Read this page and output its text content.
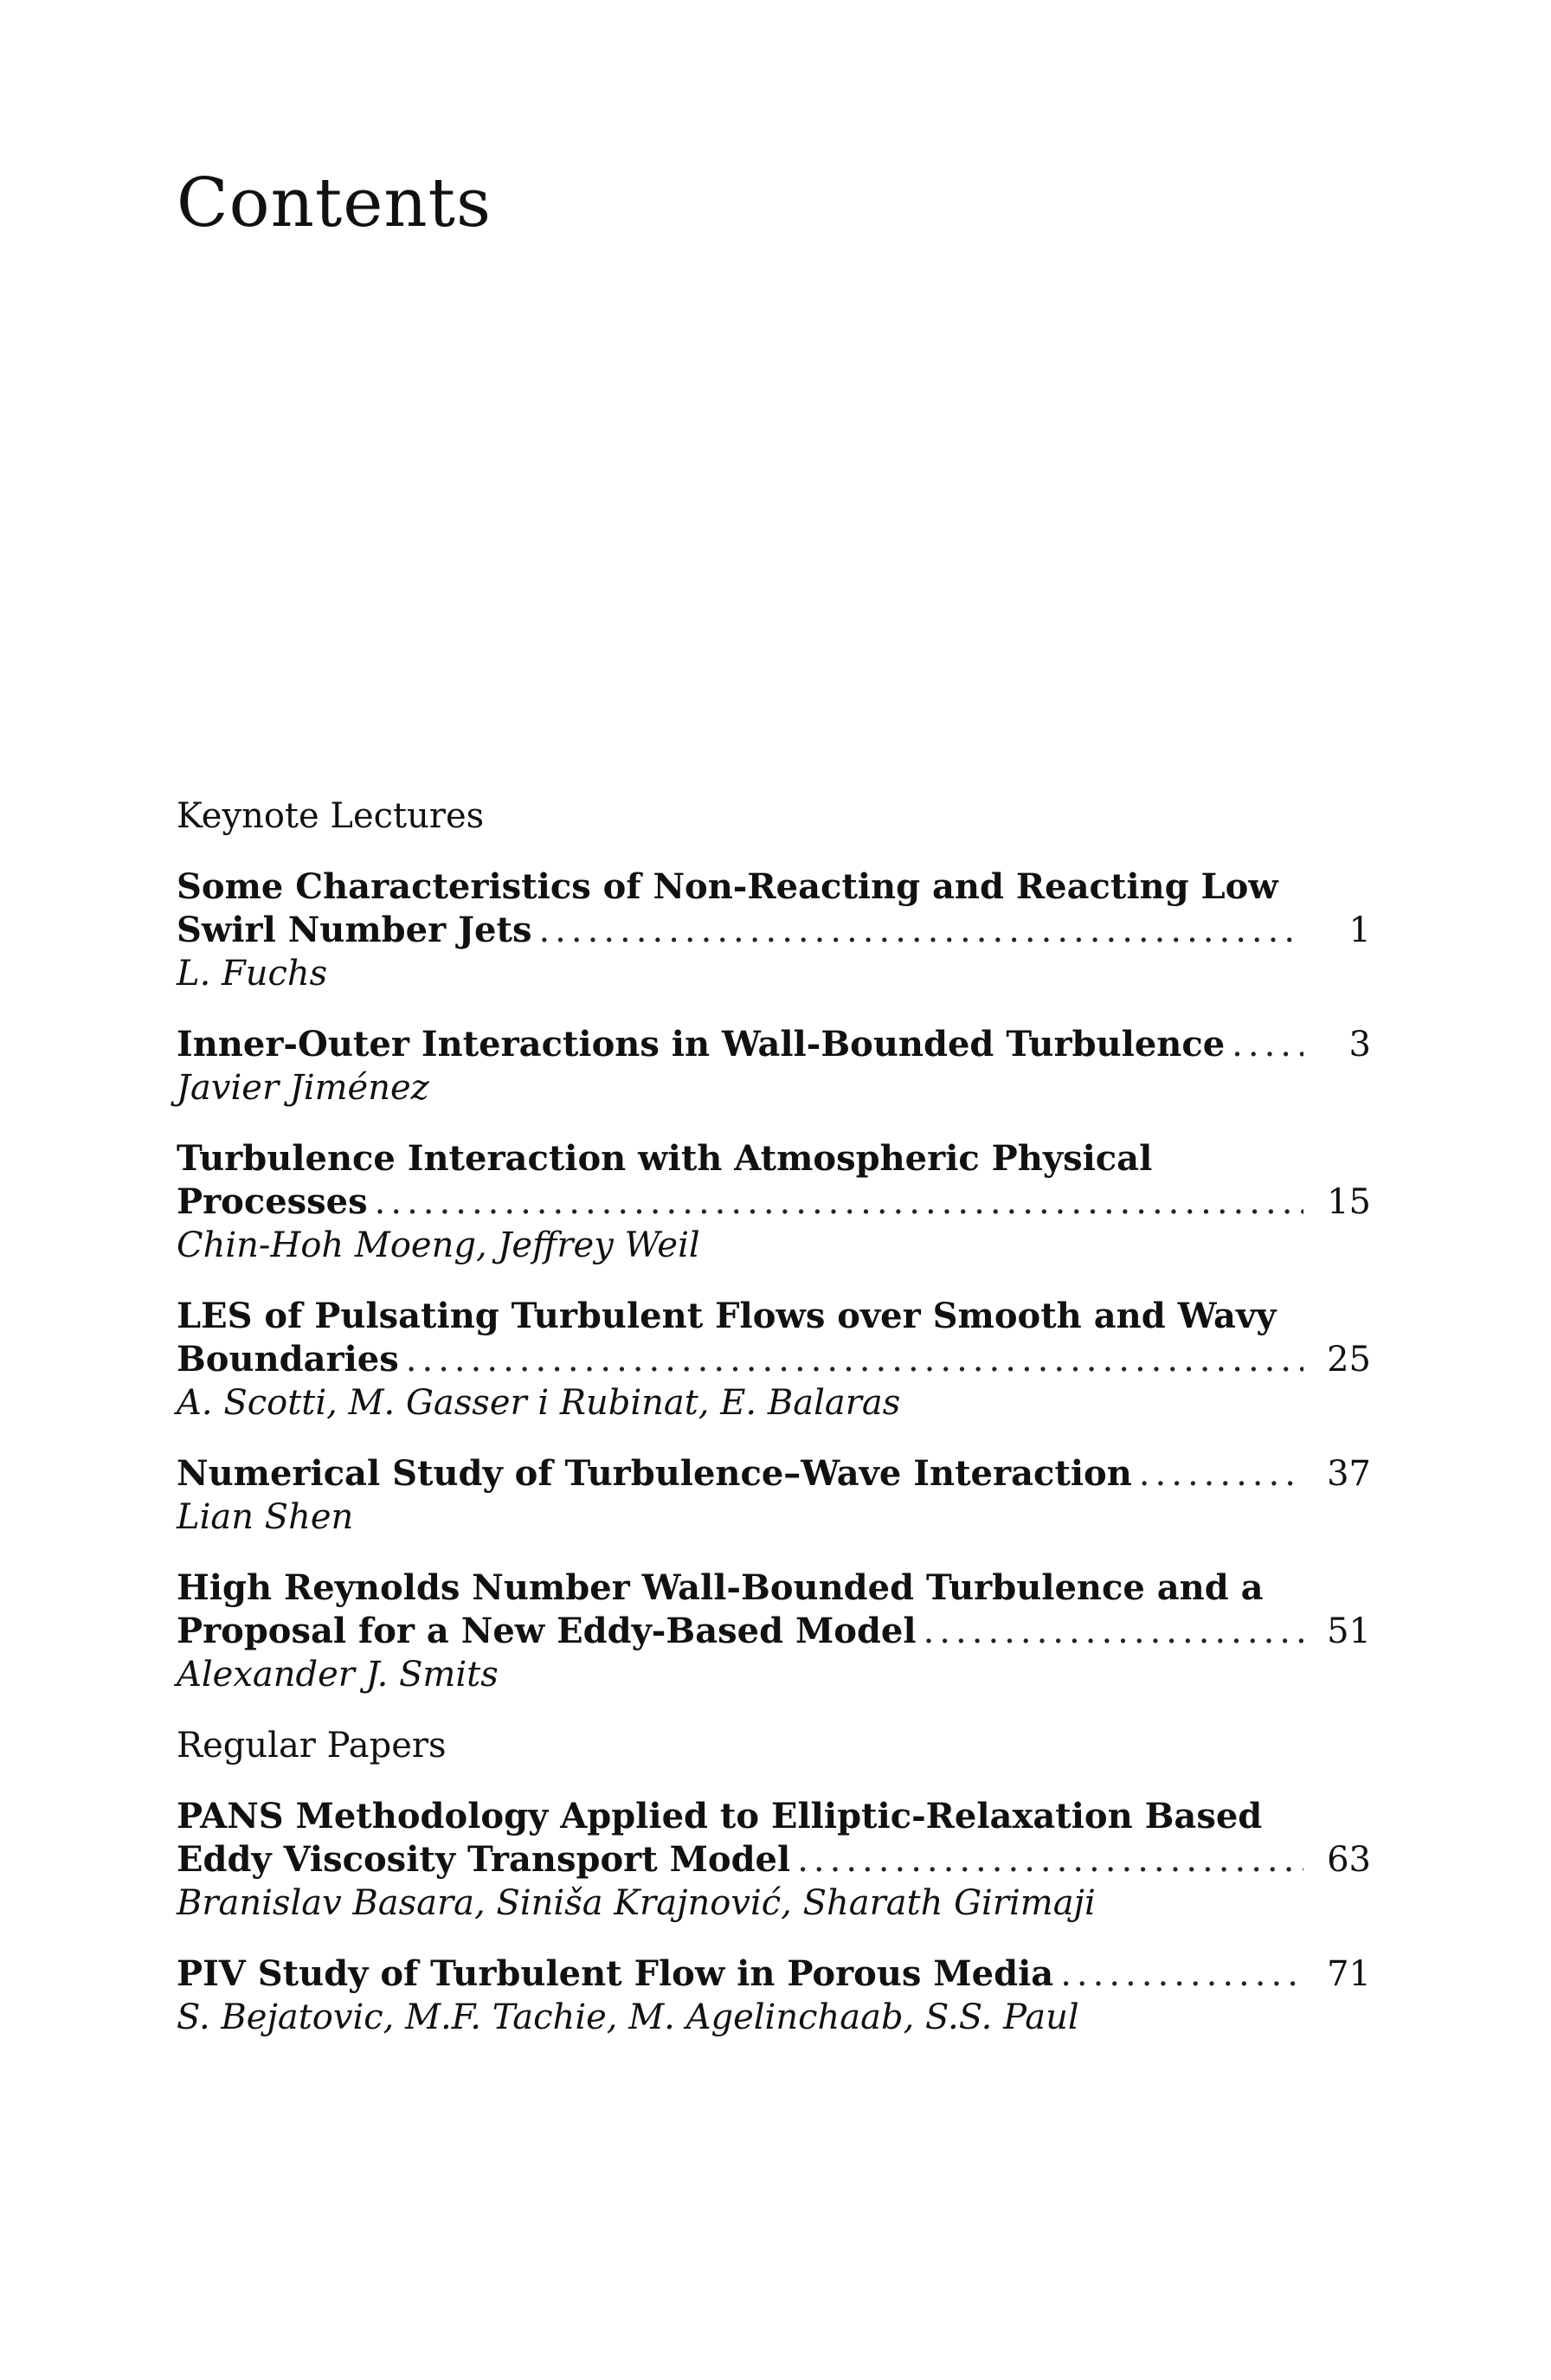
Contents
Keynote Lectures
Some Characteristics of Non-Reacting and Reacting Low
Swirl Number Jets .....	1
L. Fuchs
Inner-Outer Interactions in Wall-Bounded Turbulence .....	3
Javier Jiménez
Turbulence Interaction with Atmospheric Physical
Processes .....	15
Chin-Hoh Moeng, Jeffrey Weil
LES of Pulsating Turbulent Flows over Smooth and Wavy
Boundaries .....	25
A. Scotti, M. Gasser i Rubinat, E. Balaras
Numerical Study of Turbulence–Wave Interaction .....	37
Lian Shen
High Reynolds Number Wall-Bounded Turbulence and a
Proposal for a New Eddy-Based Model .....	51
Alexander J. Smits
Regular Papers
PANS Methodology Applied to Elliptic-Relaxation Based
Eddy Viscosity Transport Model .....	63
Branislav Basara, Siniša Krajnović, Sharath Girimaji
PIV Study of Turbulent Flow in Porous Media .....	71
S. Bejatovic, M.F. Tachie, M. Agelinchaab, S.S. Paul
